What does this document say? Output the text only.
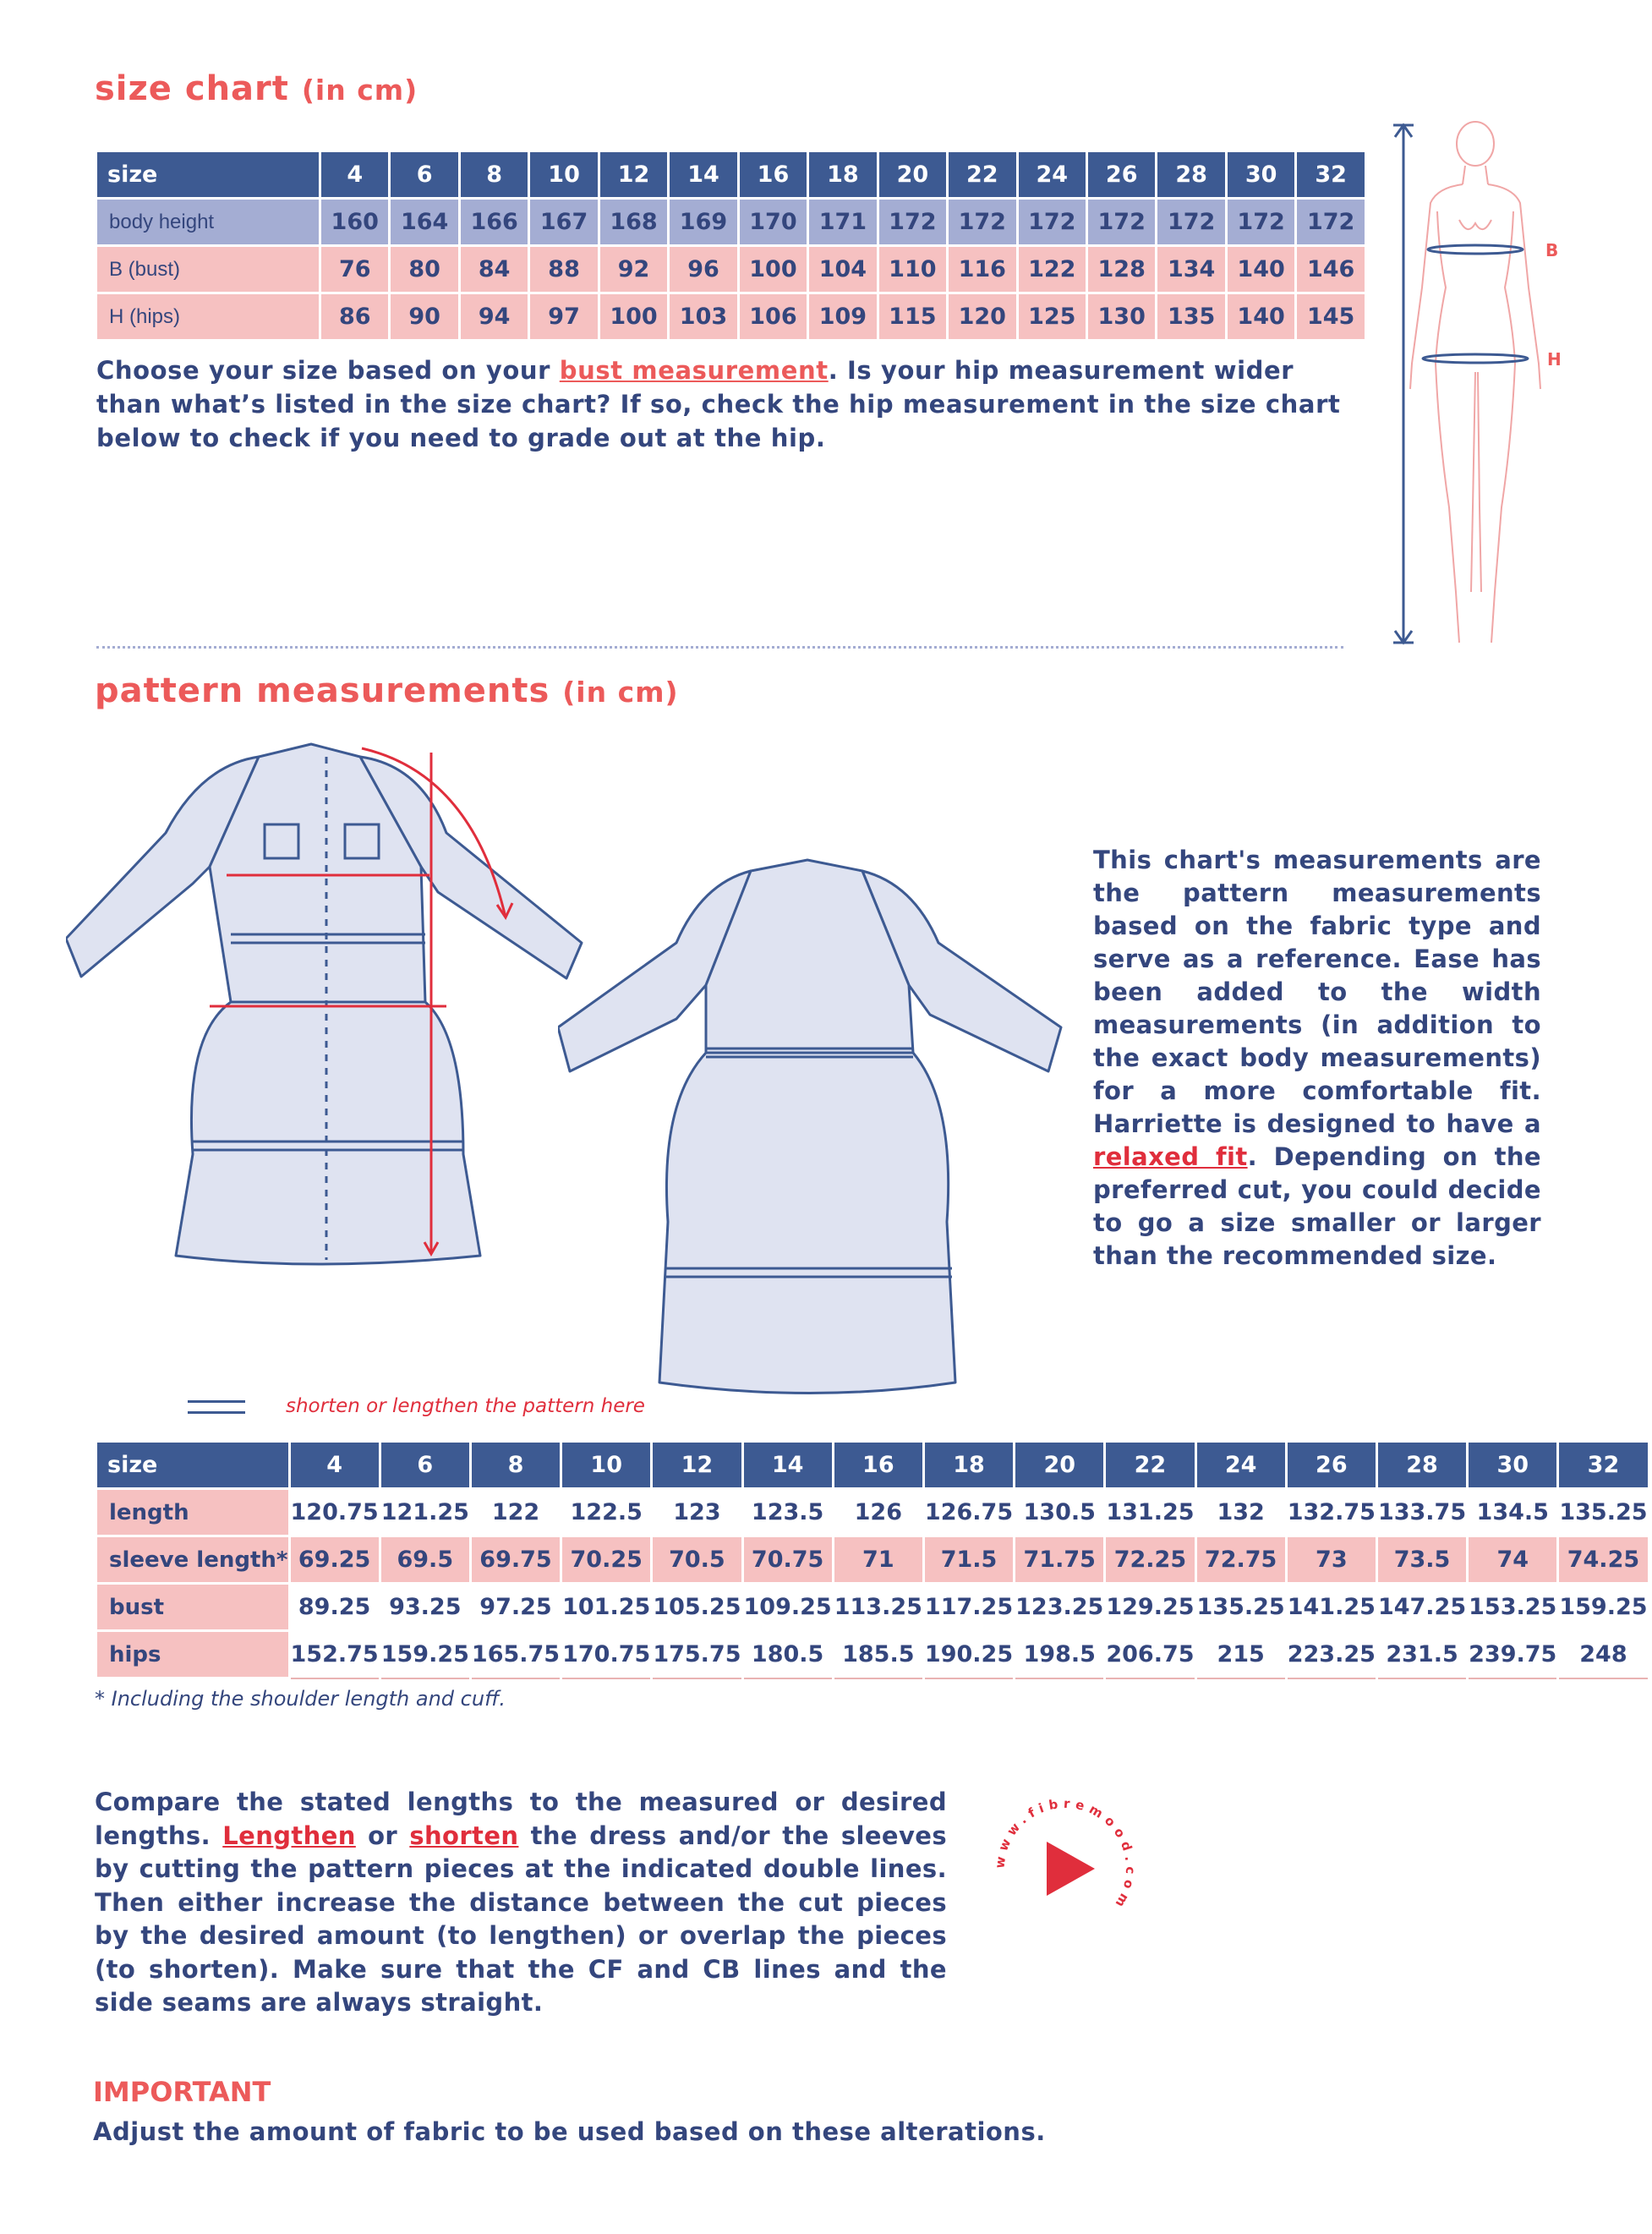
size chart (in cm)
size	4	6	8	10	12	14	16	18	20	22	24	26	28	30	32
body height	160	164	166	167	168	169	170	171	172	172	172	172	172	172	172
B (bust)	76	80	84	88	92	96	100	104	110	116	122	128	134	140	146
H (hips)	86	90	94	97	100	103	106	109	115	120	125	130	135	140	145
Choose your size based on your bust measurement. Is your hip measurement wider than what’s listed in the size chart? If so, check the hip measurement in the size chart below to check if you need to grade out at the hip.
B
H
pattern measurements (in cm)
This chart's measurements are the pattern measurements based on the fabric type and serve as a reference. Ease has been added to the width measurements (in addition to the exact body measurements) for a more comfortable fit. Harriette is designed to have a relaxed fit. Depending on the preferred cut, you could decide to go a size smaller or larger than the recommended size.
shorten or lengthen the pattern here
size	4	6	8	10	12	14	16	18	20	22	24	26	28	30	32
length	120.75	121.25	122	122.5	123	123.5	126	126.75	130.5	131.25	132	132.75	133.75	134.5	135.25
sleeve length*	69.25	69.5	69.75	70.25	70.5	70.75	71	71.5	71.75	72.25	72.75	73	73.5	74	74.25
bust	89.25	93.25	97.25	101.25	105.25	109.25	113.25	117.25	123.25	129.25	135.25	141.25	147.25	153.25	159.25
hips	152.75	159.25	165.75	170.75	175.75	180.5	185.5	190.25	198.5	206.75	215	223.25	231.5	239.75	248
* Including the shoulder length and cuff.
Compare the stated lengths to the measured or desired lengths. Lengthen or shorten the dress and/or the sleeves by cutting the pattern pieces at the indicated double lines. Then either increase the distance between the cut pieces by the desired amount (to lengthen) or overlap the pieces (to shorten). Make sure that the CF and CB lines and the side seams are always straight.
www.fibremood.com
IMPORTANT
Adjust the amount of fabric to be used based on these alterations.
